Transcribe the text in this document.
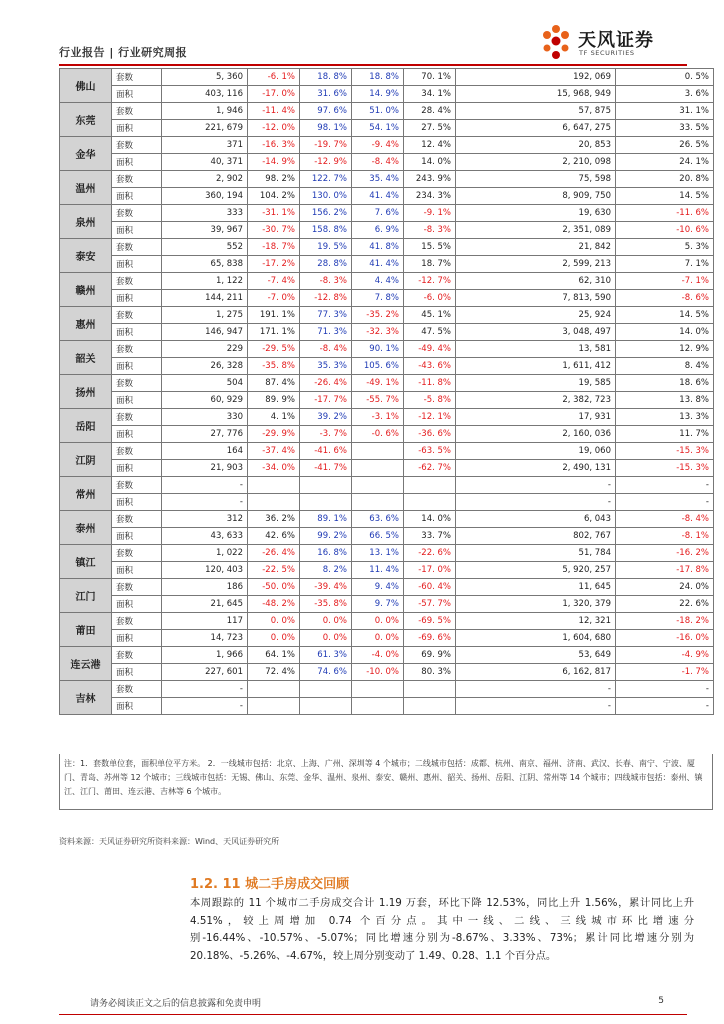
行业报告 | 行业研究周报
天风证券
TF SECURITIES
佛山	套数	5, 360	-6. 1%	18. 8%	18. 8%	70. 1%	192, 069	0. 5%
	面积	403, 116	-17. 0%	31. 6%	14. 9%	34. 1%	15, 968, 949	3. 6%
东莞	套数	1, 946	-11. 4%	97. 6%	51. 0%	28. 4%	57, 875	31. 1%
	面积	221, 679	-12. 0%	98. 1%	54. 1%	27. 5%	6, 647, 275	33. 5%
金华	套数	371	-16. 3%	-19. 7%	-9. 4%	12. 4%	20, 853	26. 5%
	面积	40, 371	-14. 9%	-12. 9%	-8. 4%	14. 0%	2, 210, 098	24. 1%
温州	套数	2, 902	98. 2%	122. 7%	35. 4%	243. 9%	75, 598	20. 8%
	面积	360, 194	104. 2%	130. 0%	41. 4%	234. 3%	8, 909, 750	14. 5%
泉州	套数	333	-31. 1%	156. 2%	7. 6%	-9. 1%	19, 630	-11. 6%
	面积	39, 967	-30. 7%	158. 8%	6. 9%	-8. 3%	2, 351, 089	-10. 6%
泰安	套数	552	-18. 7%	19. 5%	41. 8%	15. 5%	21, 842	5. 3%
	面积	65, 838	-17. 2%	28. 8%	41. 4%	18. 7%	2, 599, 213	7. 1%
赣州	套数	1, 122	-7. 4%	-8. 3%	4. 4%	-12. 7%	62, 310	-7. 1%
	面积	144, 211	-7. 0%	-12. 8%	7. 8%	-6. 0%	7, 813, 590	-8. 6%
惠州	套数	1, 275	191. 1%	77. 3%	-35. 2%	45. 1%	25, 924	14. 5%
	面积	146, 947	171. 1%	71. 3%	-32. 3%	47. 5%	3, 048, 497	14. 0%
韶关	套数	229	-29. 5%	-8. 4%	90. 1%	-49. 4%	13, 581	12. 9%
	面积	26, 328	-35. 8%	35. 3%	105. 6%	-43. 6%	1, 611, 412	8. 4%
扬州	套数	504	87. 4%	-26. 4%	-49. 1%	-11. 8%	19, 585	18. 6%
	面积	60, 929	89. 9%	-17. 7%	-55. 7%	-5. 8%	2, 382, 723	13. 8%
岳阳	套数	330	4. 1%	39. 2%	-3. 1%	-12. 1%	17, 931	13. 3%
	面积	27, 776	-29. 9%	-3. 7%	-0. 6%	-36. 6%	2, 160, 036	11. 7%
江阴	套数	164	-37. 4%	-41. 6%		-63. 5%	19, 060	-15. 3%
	面积	21, 903	-34. 0%	-41. 7%		-62. 7%	2, 490, 131	-15. 3%
常州	套数	-					-	-
	面积	-					-	-
泰州	套数	312	36. 2%	89. 1%	63. 6%	14. 0%	6, 043	-8. 4%
	面积	43, 633	42. 6%	99. 2%	66. 5%	33. 7%	802, 767	-8. 1%
镇江	套数	1, 022	-26. 4%	16. 8%	13. 1%	-22. 6%	51, 784	-16. 2%
	面积	120, 403	-22. 5%	8. 2%	11. 4%	-17. 0%	5, 920, 257	-17. 8%
江门	套数	186	-50. 0%	-39. 4%	9. 4%	-60. 4%	11, 645	24. 0%
	面积	21, 645	-48. 2%	-35. 8%	9. 7%	-57. 7%	1, 320, 379	22. 6%
莆田	套数	117	0. 0%	0. 0%	0. 0%	-69. 5%	12, 321	-18. 2%
	面积	14, 723	0. 0%	0. 0%	0. 0%	-69. 6%	1, 604, 680	-16. 0%
连云港	套数	1, 966	64. 1%	61. 3%	-4. 0%	69. 9%	53, 649	-4. 9%
	面积	227, 601	72. 4%	74. 6%	-10. 0%	80. 3%	6, 162, 817	-1. 7%
吉林	套数	-					-	-
	面积	-					-	-
注：1．套数单位套，面积单位平方米。 2．一线城市包括：北京、上海、广州、深圳等 4 个城市；二线城市包括：成都、杭州、南京、福州、济南、武汉、长春、南宁、宁波、厦门、青岛、苏州等 12 个城市；三线城市包括：无锡、佛山、东莞、金华、温州、泉州、泰安、赣州、惠州、韶关、扬州、岳阳、江阴、常州等 14 个城市；四线城市包括：泰州、镇江、江门、莆田、连云港、吉林等 6 个城市。
资料来源：天风证券研究所资料来源：Wind、天风证券研究所
1.2. 11 城二手房成交回顾
本周跟踪的 11 个城市二手房成交合计 1.19 万套，环比下降 12.53%，同比上升 1.56%，累计同比上升 4.51%，较上周增加 0.74 个百分点。其中一线、二线、三线城市环比增速分别-16.44%、-10.57%、-5.07%；同比增速分别为-8.67%、3.33%、73%；累计同比增速分别为 20.18%、-5.26%、-4.67%，较上周分别变动了 1.49、0.28、1.1 个百分点。
请务必阅读正文之后的信息披露和免责申明	5
